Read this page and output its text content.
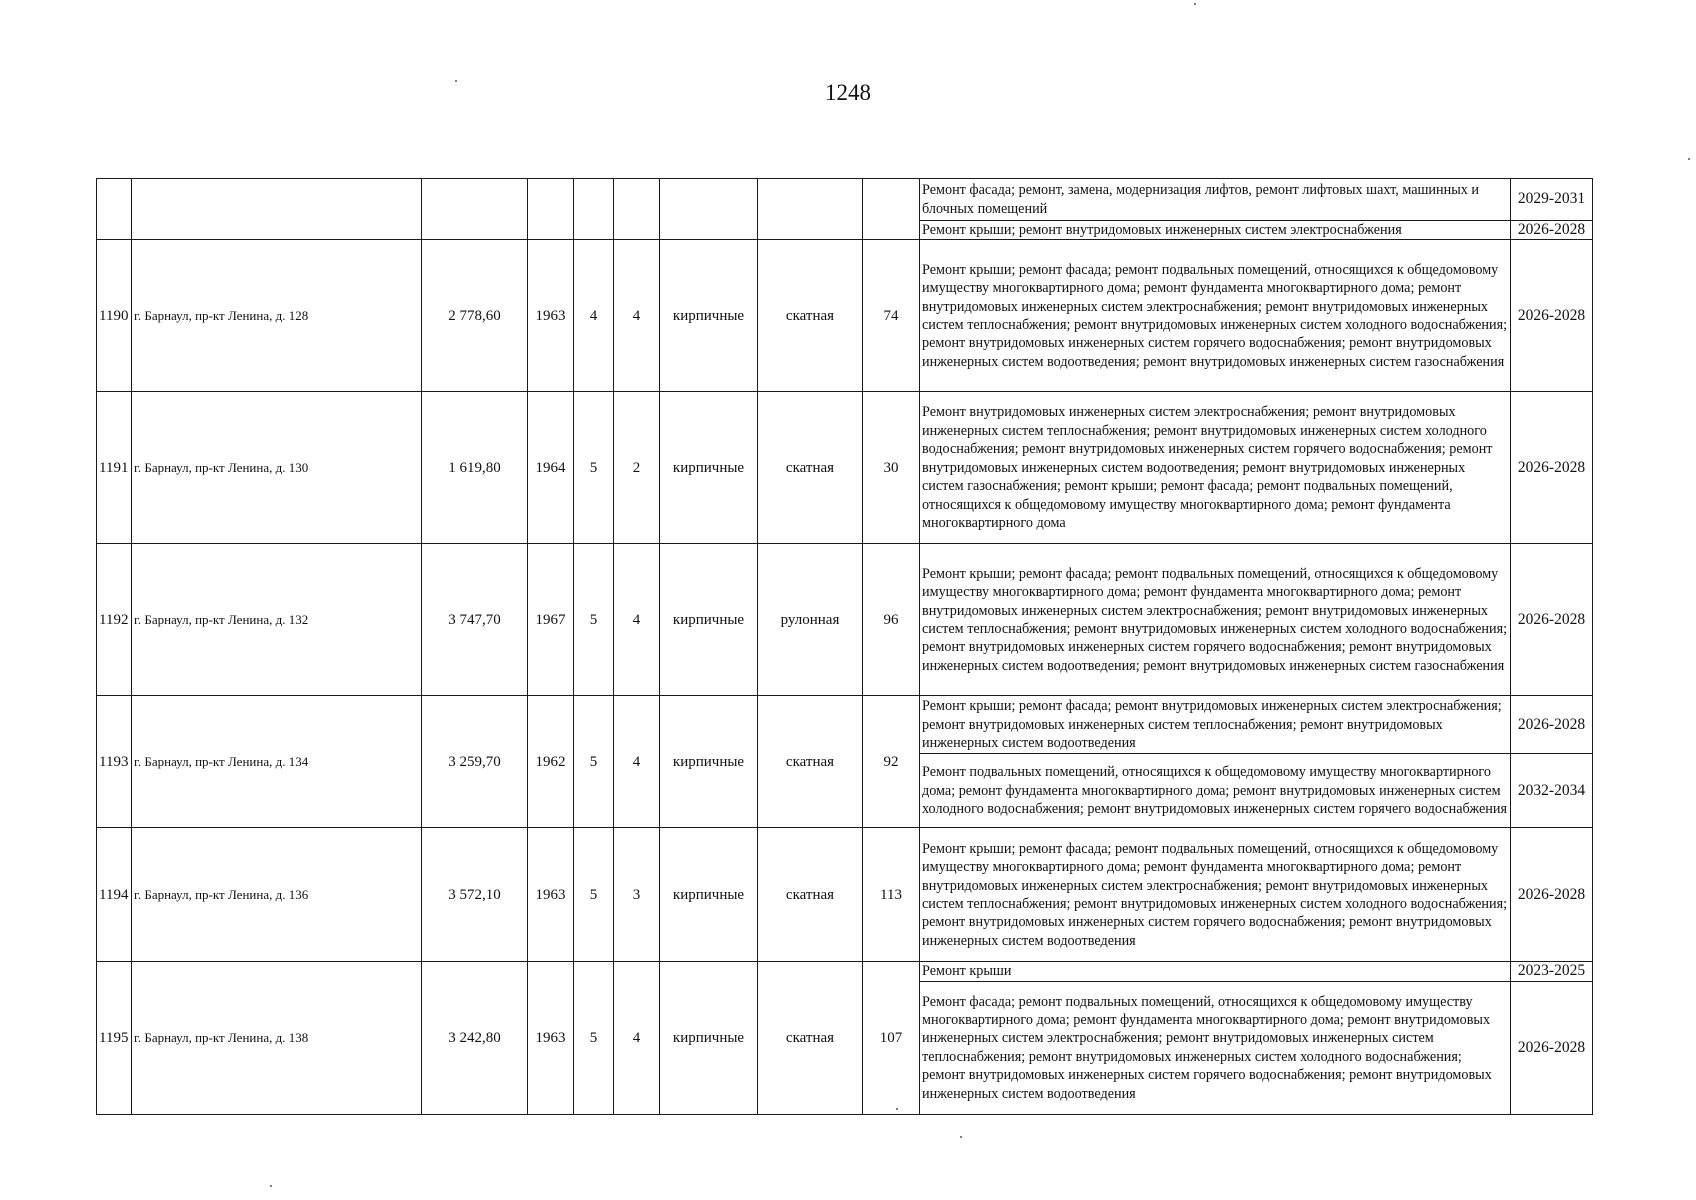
1248
									Ремонт фасада; ремонт, замена, модернизация лифтов, ремонт лифтовых шахт, машинных и блочных помещений	2029-2031
									Ремонт крыши; ремонт внутридомовых инженерных систем электроснабжения	2026-2028
1190	г. Барнаул, пр-кт Ленина, д. 128	2 778,60	1963	4	4	кирпичные	скатная	74	Ремонт крыши; ремонт фасада; ремонт подвальных помещений, относящихся к общедомовому имуществу многоквартирного дома; ремонт фундамента многоквартирного дома; ремонт внутридомовых инженерных систем электроснабжения; ремонт внутридомовых инженерных систем теплоснабжения; ремонт внутридомовых инженерных систем холодного водоснабжения; ремонт внутридомовых инженерных систем горячего водоснабжения; ремонт внутридомовых инженерных систем водоотведения; ремонт внутридомовых инженерных систем газоснабжения	2026-2028
1191	г. Барнаул, пр-кт Ленина, д. 130	1 619,80	1964	5	2	кирпичные	скатная	30	Ремонт внутридомовых инженерных систем электроснабжения; ремонт внутридомовых инженерных систем теплоснабжения; ремонт внутридомовых инженерных систем холодного водоснабжения; ремонт внутридомовых инженерных систем горячего водоснабжения; ремонт внутридомовых инженерных систем водоотведения; ремонт внутридомовых инженерных систем газоснабжения; ремонт крыши; ремонт фасада; ремонт подвальных помещений, относящихся к общедомовому имуществу многоквартирного дома; ремонт фундамента многоквартирного дома	2026-2028
1192	г. Барнаул, пр-кт Ленина, д. 132	3 747,70	1967	5	4	кирпичные	рулонная	96	Ремонт крыши; ремонт фасада; ремонт подвальных помещений, относящихся к общедомовому имуществу многоквартирного дома; ремонт фундамента многоквартирного дома; ремонт внутридомовых инженерных систем электроснабжения; ремонт внутридомовых инженерных систем теплоснабжения; ремонт внутридомовых инженерных систем холодного водоснабжения; ремонт внутридомовых инженерных систем горячего водоснабжения; ремонт внутридомовых инженерных систем водоотведения; ремонт внутридомовых инженерных систем газоснабжения	2026-2028
1193	г. Барнаул, пр-кт Ленина, д. 134	3 259,70	1962	5	4	кирпичные	скатная	92	Ремонт крыши; ремонт фасада; ремонт внутридомовых инженерных систем электроснабжения; ремонт внутридомовых инженерных систем теплоснабжения; ремонт внутридомовых инженерных систем водоотведения	2026-2028
									Ремонт подвальных помещений, относящихся к общедомовому имуществу многоквартирного дома; ремонт фундамента многоквартирного дома; ремонт внутридомовых инженерных систем холодного водоснабжения; ремонт внутридомовых инженерных систем горячего водоснабжения	2032-2034
1194	г. Барнаул, пр-кт Ленина, д. 136	3 572,10	1963	5	3	кирпичные	скатная	113	Ремонт крыши; ремонт фасада; ремонт подвальных помещений, относящихся к общедомовому имуществу многоквартирного дома; ремонт фундамента многоквартирного дома; ремонт внутридомовых инженерных систем электроснабжения; ремонт внутридомовых инженерных систем теплоснабжения; ремонт внутридомовых инженерных систем холодного водоснабжения; ремонт внутридомовых инженерных систем горячего водоснабжения; ремонт внутридомовых инженерных систем водоотведения	2026-2028
1195	г. Барнаул, пр-кт Ленина, д. 138	3 242,80	1963	5	4	кирпичные	скатная	107	Ремонт крыши	2023-2025
									Ремонт фасада; ремонт подвальных помещений, относящихся к общедомовому имуществу многоквартирного дома; ремонт фундамента многоквартирного дома; ремонт внутридомовых инженерных систем электроснабжения; ремонт внутридомовых инженерных систем теплоснабжения; ремонт внутридомовых инженерных систем холодного водоснабжения; ремонт внутридомовых инженерных систем горячего водоснабжения; ремонт внутридомовых инженерных систем водоотведения	2026-2028
